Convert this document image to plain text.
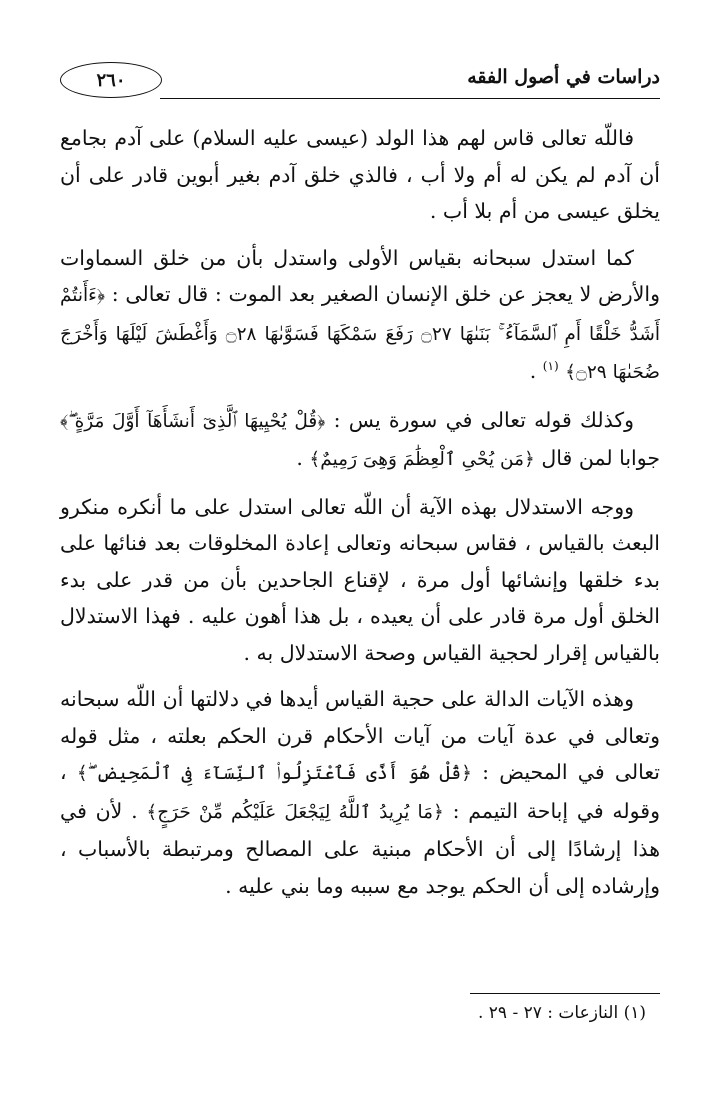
٢٦٠	دراسات في أصول الفقه

فاللّه تعالى قاس لهم هذا الولد (عيسى عليه السلام) على آدم بجامع أن آدم لم يكن له أم ولا أب ، فالذي خلق آدم بغير أبوين قادر على أن يخلق عيسى من أم بلا أب .

كما استدل سبحانه بقياس الأولى واستدل بأن من خلق السماوات والأرض لا يعجز عن خلق الإنسان الصغير بعد الموت : قال تعالى : ﴿ءَأَنتُمْ أَشَدُّ خَلْقًا أَمِ ٱلسَّمَآءُ ۚ بَنَىٰهَا ۝٢٧ رَفَعَ سَمْكَهَا فَسَوَّىٰهَا ۝٢٨ وَأَغْطَشَ لَيْلَهَا وَأَخْرَجَ ضُحَىٰهَا ۝٢٩﴾ $^{(١)}$ .

وكذلك قوله تعالى في سورة يس : ﴿قُلْ يُحْيِيهَا ٱلَّذِىٓ أَنشَأَهَآ أَوَّلَ مَرَّةٍ ۖ﴾ جوابا لمن قال ﴿مَن يُحْىِ ٱلْعِظَٰمَ وَهِىَ رَمِيمٌ﴾ .

ووجه الاستدلال بهذه الآية أن اللّه تعالى استدل على ما أنكره منكرو البعث بالقياس ، فقاس سبحانه وتعالى إعادة المخلوقات بعد فنائها على بدء خلقها وإنشائها أول مرة ، لإقناع الجاحدين بأن من قدر على بدء الخلق أول مرة قادر على أن يعيده ، بل هذا أهون عليه . فهذا الاستدلال بالقياس إقرار لحجية القياس وصحة الاستدلال به .

وهذه الآيات الدالة على حجية القياس أيدها في دلالتها أن اللّه سبحانه وتعالى في عدة آيات من آيات الأحكام قرن الحكم بعلته ، مثل قوله تعالى في المحيض : ﴿قُلْ هُوَ أَذًى فَٱعْتَزِلُوا۟ ٱلنِّسَآءَ فِى ٱلْمَحِيضِ ۖ﴾ ، وقوله في إباحة التيمم : ﴿مَا يُرِيدُ ٱللَّهُ لِيَجْعَلَ عَلَيْكُم مِّنْ حَرَجٍ﴾ . لأن في هذا إرشادًا إلى أن الأحكام مبنية على المصالح ومرتبطة بالأسباب ، وإرشاده إلى أن الحكم يوجد مع سببه وما بني عليه .

(١) النازعات : ٢٧ - ٢٩ .
